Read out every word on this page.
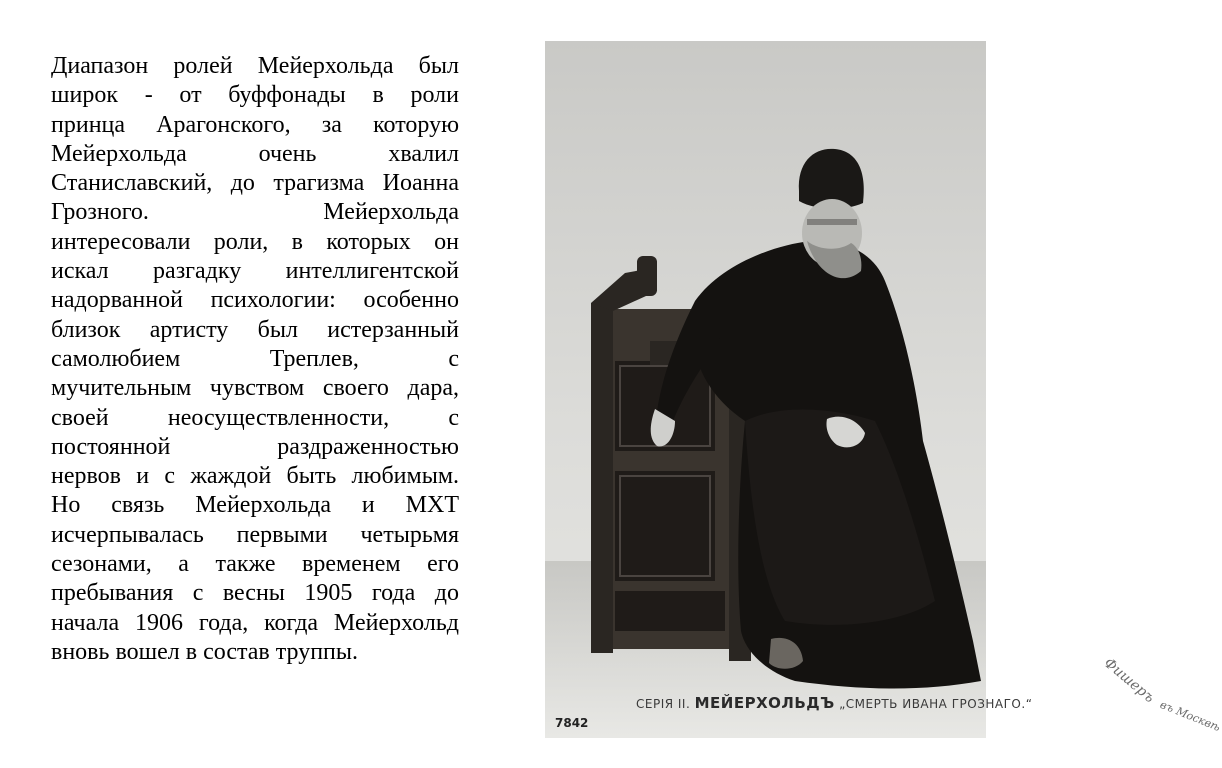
Диапазон ролей Мейерхольда был
широк - от буффонады в роли
принца Арагонского, за которую
Мейерхольда очень хвалил
Станиславский, до трагизма Иоанна
Грозного. Мейерхольда
интересовали роли, в которых он
искал разгадку интеллигентской
надорванной психологии: особенно
близок артисту был истерзанный
самолюбием Треплев, с
мучительным чувством своего дара,
своей неосуществленности, с
постоянной раздраженностью
нервов и с жаждой быть любимым.
Но связь Мейерхольда и МХТ
исчерпывалась первыми четырьмя
сезонами, а также временем его
пребывания с весны 1905 года до
начала 1906 года, когда Мейерхольд
вновь вошел в состав труппы.
Фишеръ
въ Москвѣ
СЕРІЯ II. МЕЙЕРХОЛЬДЪ „СМЕРТЬ ИВАНА ГРОЗНАГО.“
7842
